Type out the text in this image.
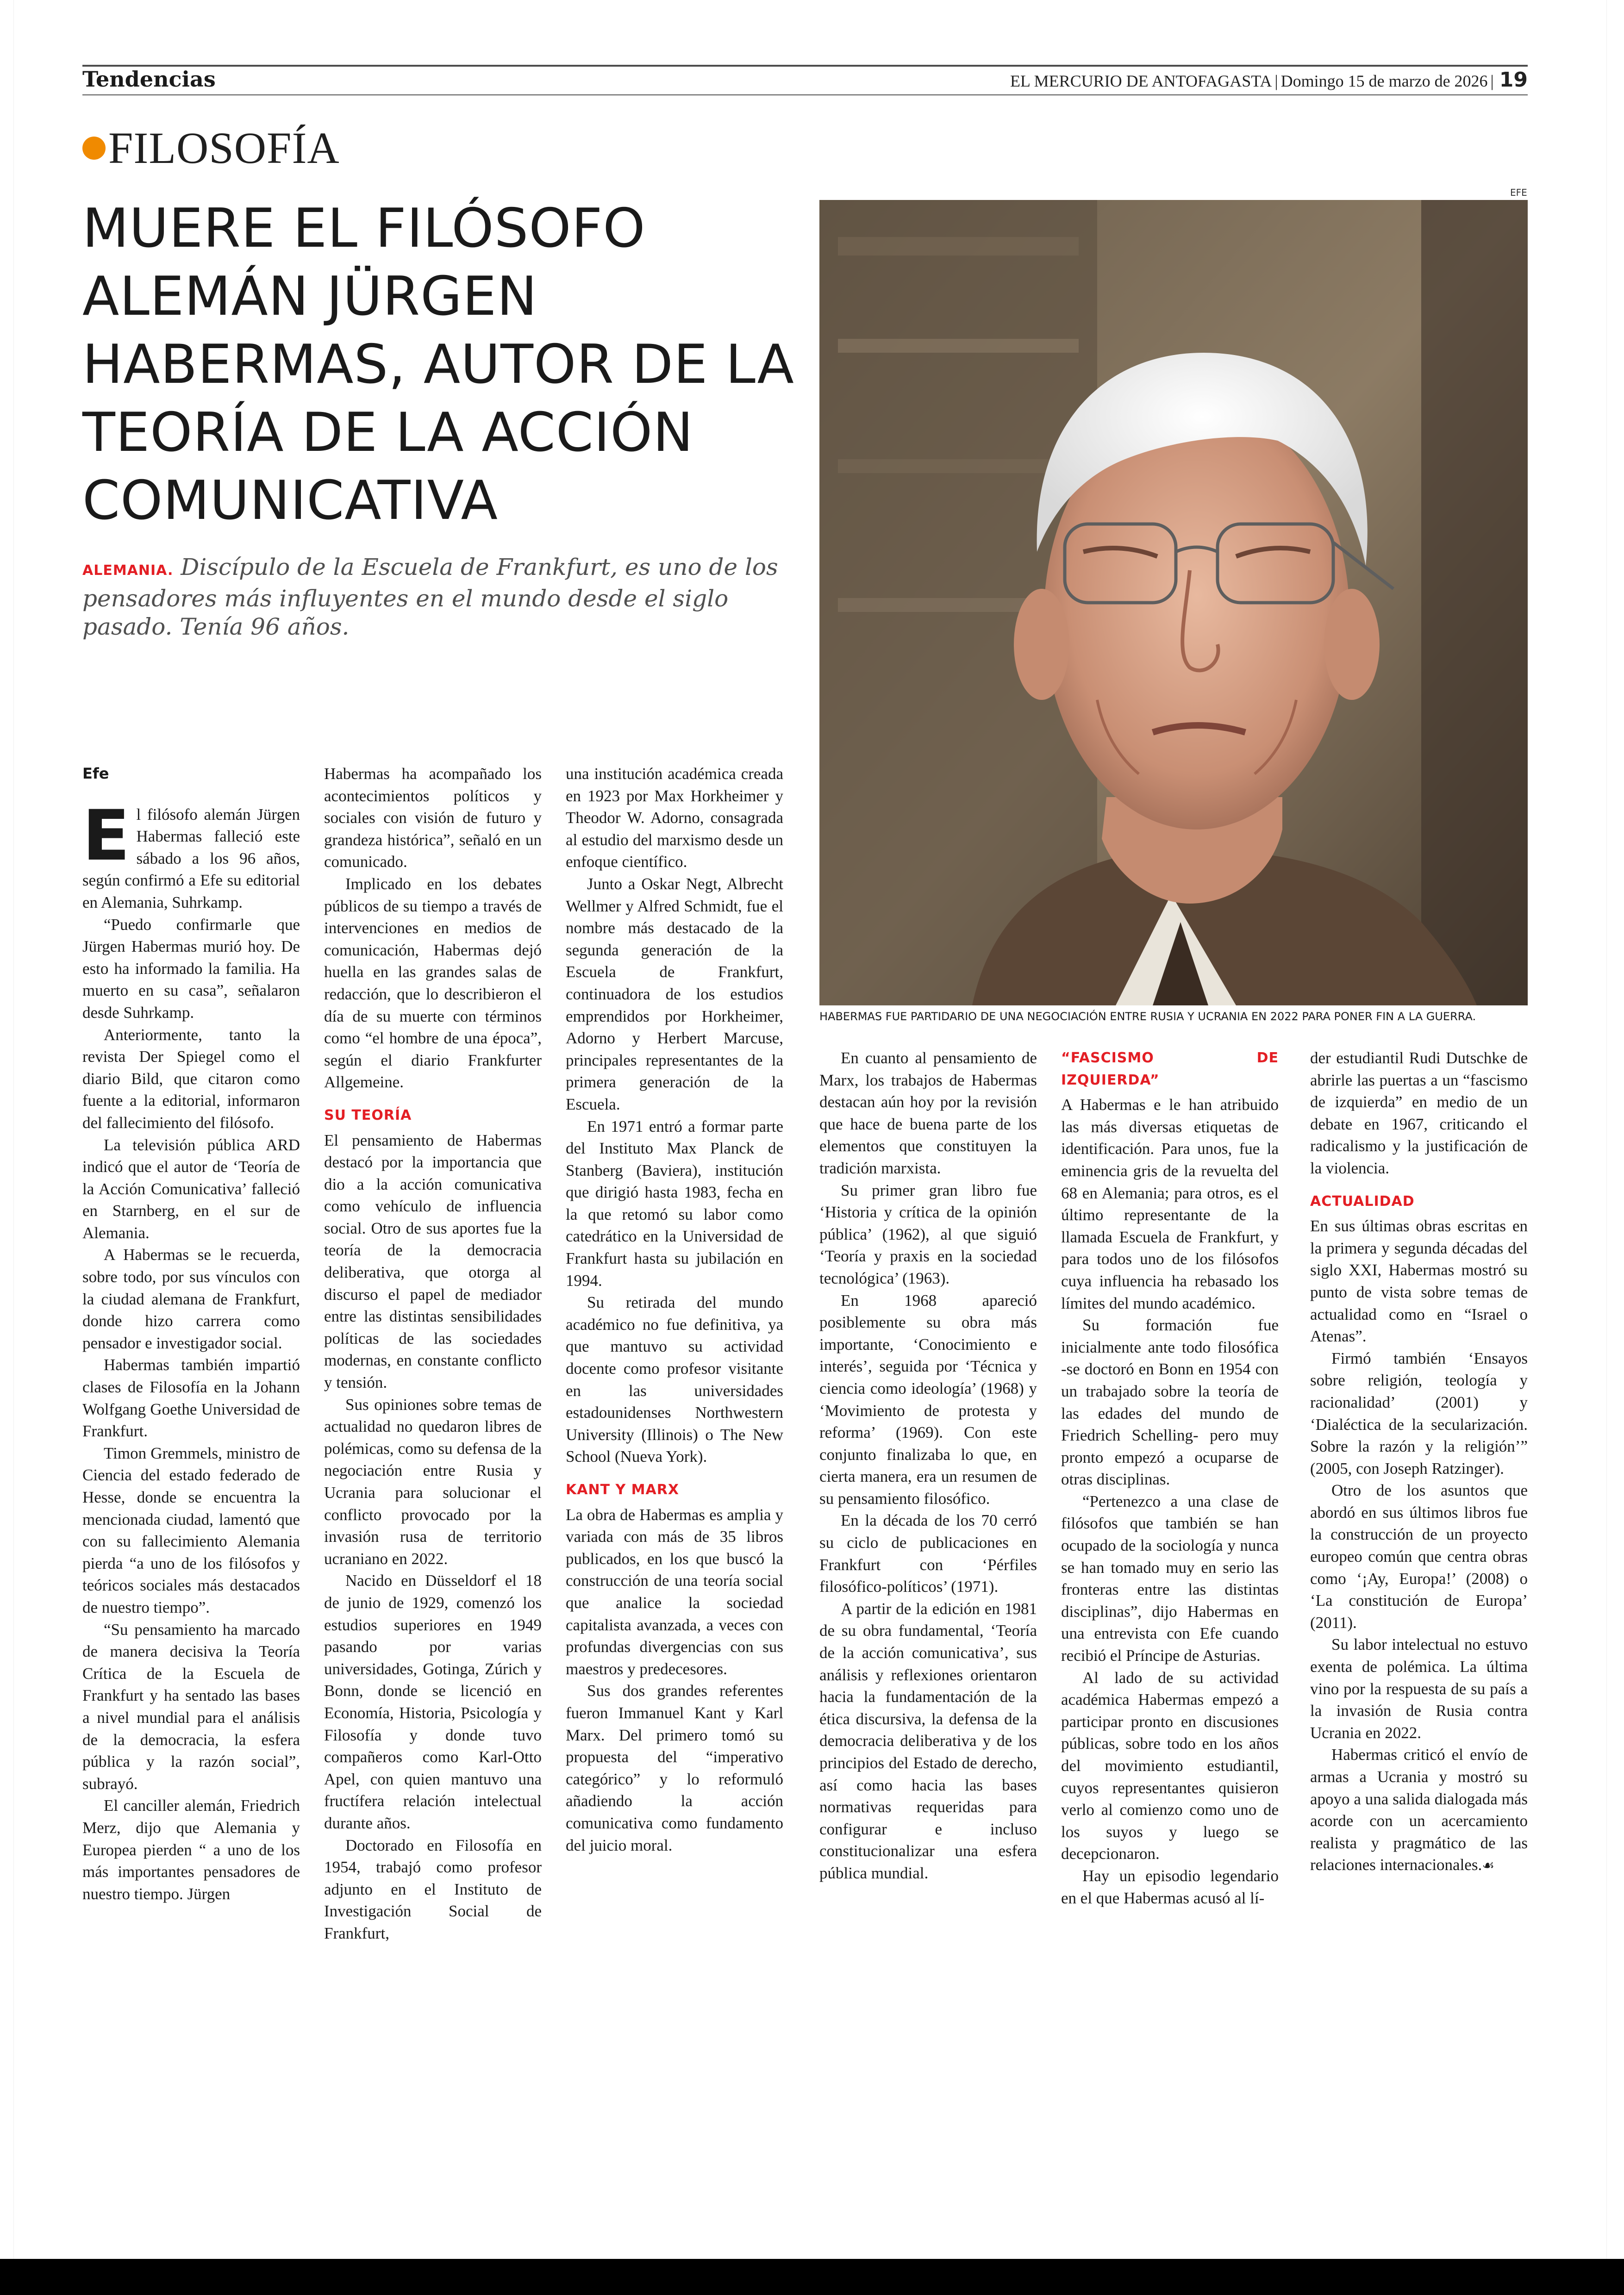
Tendencias	EL MERCURIO DE ANTOFAGASTA | Domingo 15 de marzo de 2026 | 19
FILOSOFÍA
MUERE EL FILÓSOFO ALEMÁN JÜRGEN HABERMAS, AUTOR DE LA TEORÍA DE LA ACCIÓN COMUNICATIVA
ALEMANIA. Discípulo de la Escuela de Frankfurt, es uno de los pensadores más influyentes en el mundo desde el siglo pasado. Tenía 96 años.
EFE
HABERMAS FUE PARTIDARIO DE UNA NEGOCIACIÓN ENTRE RUSIA Y UCRANIA EN 2022 PARA PONER FIN A LA GUERRA.

Efe

El filósofo alemán Jürgen Habermas falleció este sábado a los 96 años, según confirmó a Efe su editorial en Alemania, Suhrkamp.

“Puedo confirmarle que Jürgen Habermas murió hoy. De esto ha informado la familia. Ha muerto en su casa”, señalaron desde Suhrkamp.

Anteriormente, tanto la revista Der Spiegel como el diario Bild, que citaron como fuente a la editorial, informaron del fallecimiento del filósofo.

La televisión pública ARD indicó que el autor de ‘Teoría de la Acción Comunicativa’ falleció en Starnberg, en el sur de Alemania.

A Habermas se le recuerda, sobre todo, por sus vínculos con la ciudad alemana de Frankfurt, donde hizo carrera como pensador e investigador social.

Habermas también impartió clases de Filosofía en la Johann Wolfgang Goethe Universidad de Frankfurt.

Timon Gremmels, ministro de Ciencia del estado federado de Hesse, donde se encuentra la mencionada ciudad, lamentó que con su fallecimiento Alemania pierda “a uno de los filósofos y teóricos sociales más destacados de nuestro tiempo”.

“Su pensamiento ha marcado de manera decisiva la Teoría Crítica de la Escuela de Frankfurt y ha sentado las bases a nivel mundial para el análisis de la democracia, la esfera pública y la razón social”, subrayó.

El canciller alemán, Friedrich Merz, dijo que Alemania y Europea pierden “ a uno de los más importantes pensadores de nuestro tiempo. Jürgen

Habermas ha acompañado los acontecimientos políticos y sociales con visión de futuro y grandeza histórica”, señaló en un comunicado.

Implicado en los debates públicos de su tiempo a través de intervenciones en medios de comunicación, Habermas dejó huella en las grandes salas de redacción, que lo describieron el día de su muerte con términos como “el hombre de una época”, según el diario Frankfurter Allgemeine.

SU TEORÍA

El pensamiento de Habermas destacó por la importancia que dio a la acción comunicativa como vehículo de influencia social. Otro de sus aportes fue la teoría de la democracia deliberativa, que otorga al discurso el papel de mediador entre las distintas sensibilidades políticas de las sociedades modernas, en constante conflicto y tensión.

Sus opiniones sobre temas de actualidad no quedaron libres de polémicas, como su defensa de la negociación entre Rusia y Ucrania para solucionar el conflicto provocado por la invasión rusa de territorio ucraniano en 2022.

Nacido en Düsseldorf el 18 de junio de 1929, comenzó los estudios superiores en 1949 pasando por varias universidades, Gotinga, Zúrich y Bonn, donde se licenció en Economía, Historia, Psicología y Filosofía y donde tuvo compañeros como Karl-Otto Apel, con quien mantuvo una fructífera relación intelectual durante años.

Doctorado en Filosofía en 1954, trabajó como profesor adjunto en el Instituto de Investigación Social de Frankfurt,

una institución académica creada en 1923 por Max Horkheimer y Theodor W. Adorno, consagrada al estudio del marxismo desde un enfoque científico.

Junto a Oskar Negt, Albrecht Wellmer y Alfred Schmidt, fue el nombre más destacado de la segunda generación de la Escuela de Frankfurt, continuadora de los estudios emprendidos por Horkheimer, Adorno y Herbert Marcuse, principales representantes de la primera generación de la Escuela.

En 1971 entró a formar parte del Instituto Max Planck de Stanberg (Baviera), institución que dirigió hasta 1983, fecha en la que retomó su labor como catedrático en la Universidad de Frankfurt hasta su jubilación en 1994.

Su retirada del mundo académico no fue definitiva, ya que mantuvo su actividad docente como profesor visitante en las universidades estadounidenses Northwestern University (Illinois) o The New School (Nueva York).

KANT Y MARX

La obra de Habermas es amplia y variada con más de 35 libros publicados, en los que buscó la construcción de una teoría social que analice la sociedad capitalista avanzada, a veces con profundas divergencias con sus maestros y predecesores.

Sus dos grandes referentes fueron Immanuel Kant y Karl Marx. Del primero tomó su propuesta del “imperativo categórico” y lo reformuló añadiendo la acción comunicativa como fundamento del juicio moral.

En cuanto al pensamiento de Marx, los trabajos de Habermas destacan aún hoy por la revisión que hace de buena parte de los elementos que constituyen la tradición marxista.

Su primer gran libro fue ‘Historia y crítica de la opinión pública’ (1962), al que siguió ‘Teoría y praxis en la sociedad tecnológica’ (1963).

En 1968 apareció posiblemente su obra más importante, ‘Conocimiento e interés’, seguida por ‘Técnica y ciencia como ideología’ (1968) y ‘Movimiento de protesta y reforma’ (1969). Con este conjunto finalizaba lo que, en cierta manera, era un resumen de su pensamiento filosófico.

En la década de los 70 cerró su ciclo de publicaciones en Frankfurt con ‘Pérfiles filosófico-políticos’ (1971).

A partir de la edición en 1981 de su obra fundamental, ‘Teoría de la acción comunicativa’, sus análisis y reflexiones orientaron hacia la fundamentación de la ética discursiva, la defensa de la democracia deliberativa y de los principios del Estado de derecho, así como hacia las bases normativas requeridas para configurar e incluso constitucionalizar una esfera pública mundial.

“FASCISMO DE IZQUIERDA”

A Habermas e le han atribuido las más diversas etiquetas de identificación. Para unos, fue la eminencia gris de la revuelta del 68 en Alemania; para otros, es el último representante de la llamada Escuela de Frankfurt, y para todos uno de los filósofos cuya influencia ha rebasado los límites del mundo académico.

Su formación fue inicialmente ante todo filosófica -se doctoró en Bonn en 1954 con un trabajado sobre la teoría de las edades del mundo de Friedrich Schelling- pero muy pronto empezó a ocuparse de otras disciplinas.

“Pertenezco a una clase de filósofos que también se han ocupado de la sociología y nunca se han tomado muy en serio las fronteras entre las distintas disciplinas”, dijo Habermas en una entrevista con Efe cuando recibió el Príncipe de Asturias.

Al lado de su actividad académica Habermas empezó a participar pronto en discusiones públicas, sobre todo en los años del movimiento estudiantil, cuyos representantes quisieron verlo al comienzo como uno de los suyos y luego se decepcionaron.

Hay un episodio legendario en el que Habermas acusó al lí-

der estudiantil Rudi Dutschke de abrirle las puertas a un “fascismo de izquierda” en medio de un debate en 1967, criticando el radicalismo y la justificación de la violencia.

ACTUALIDAD

En sus últimas obras escritas en la primera y segunda décadas del siglo XXI, Habermas mostró su punto de vista sobre temas de actualidad como en “Israel o Atenas”.

Firmó también ‘Ensayos sobre religión, teología y racionalidad’ (2001) y ‘Dialéctica de la secularización. Sobre la razón y la religión’” (2005, con Joseph Ratzinger).

Otro de los asuntos que abordó en sus últimos libros fue la construcción de un proyecto europeo común que centra obras como ‘¡Ay, Europa!’ (2008) o ‘La constitución de Europa’ (2011).

Su labor intelectual no estuvo exenta de polémica. La última vino por la respuesta de su país a la invasión de Rusia contra Ucrania en 2022.

Habermas criticó el envío de armas a Ucrania y mostró su apoyo a una salida dialogada más acorde con un acercamiento realista y pragmático de las relaciones internacionales.☙
